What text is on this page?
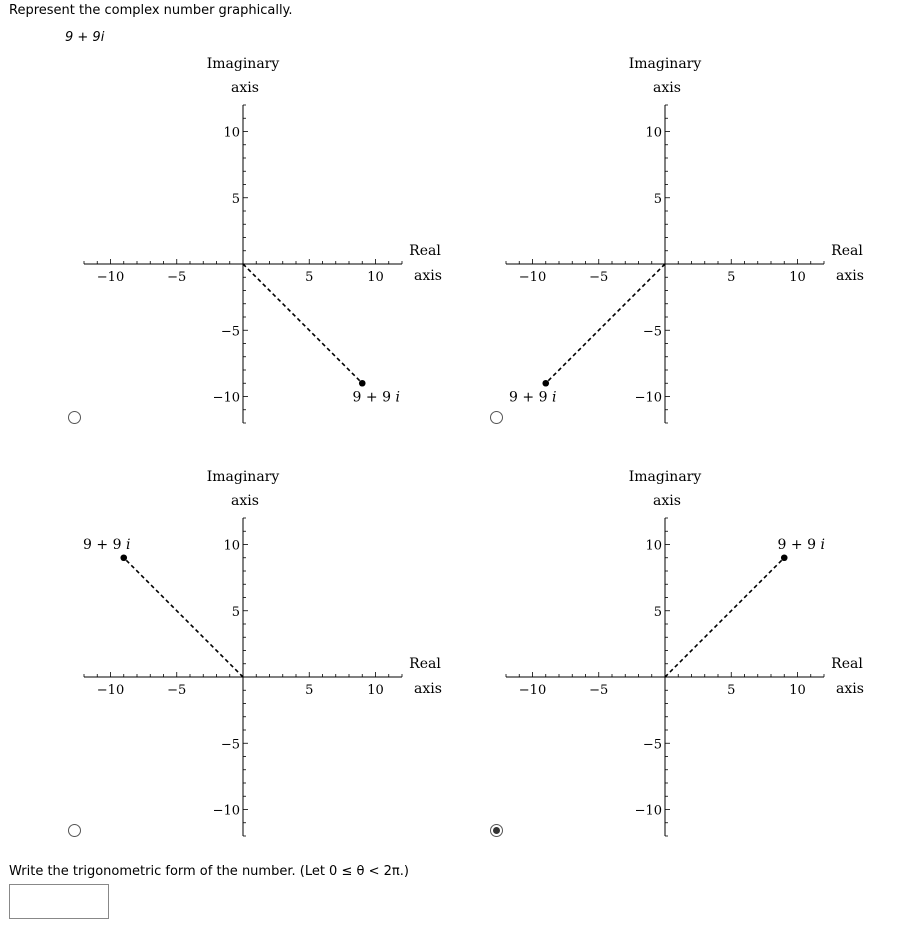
Represent the complex number graphically.
9 + 9i
−10	−5	5	10
10
5
−5
−10
Imaginary
axis
Real
axis
9 + 9 i
−10	−5	5	10
10
5
−5
−10
Imaginary
axis
Real
axis
9 + 9 i
−10	−5	5	10
10
5
−5
−10
Imaginary
axis
Real
axis
9 + 9 i
−10	−5	5	10
10
5
−5
−10
Imaginary
axis
Real
axis
9 + 9 i
Write the trigonometric form of the number. (Let 0 ≤ θ < 2π.)
